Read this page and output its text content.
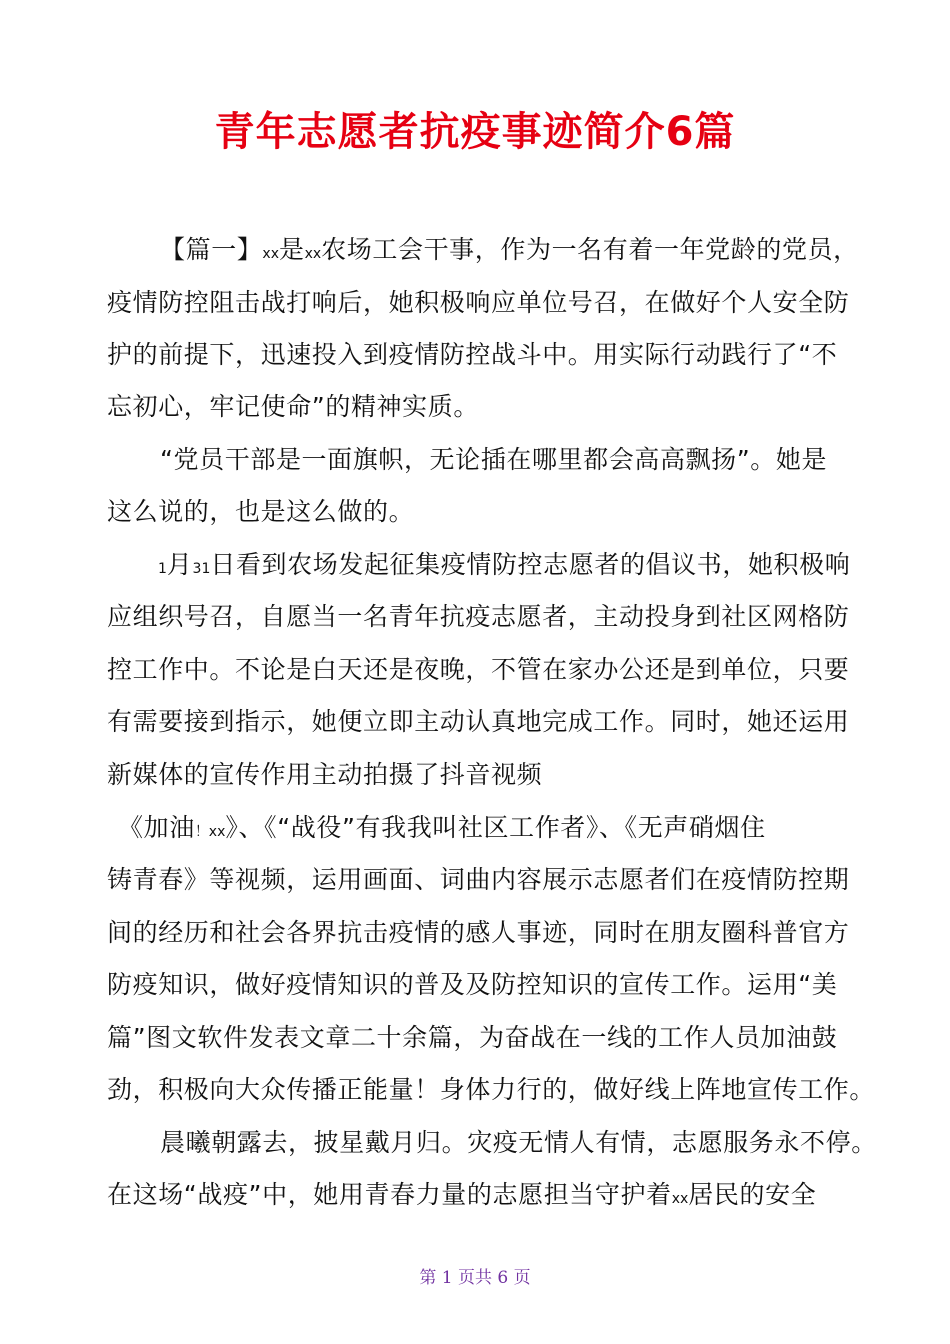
青年志愿者抗疫事迹简介6篇
【篇一】xx是xx农场工会干事，作为一名有着一年党龄的党员，
疫情防控阻击战打响后，她积极响应单位号召，在做好个人安全防
护的前提下，迅速投入到疫情防控战斗中。用实际行动践行了“不
忘初心，牢记使命”的精神实质。
“党员干部是一面旗帜，无论插在哪里都会高高飘扬”。她是
这么说的，也是这么做的。
1月31日看到农场发起征集疫情防控志愿者的倡议书，她积极响
应组织号召，自愿当一名青年抗疫志愿者，主动投身到社区网格防
控工作中。不论是白天还是夜晚，不管在家办公还是到单位，只要
有需要接到指示，她便立即主动认真地完成工作。同时，她还运用
新媒体的宣传作用主动拍摄了抖音视频
《加油！xx》、《“战役”有我我叫社区工作者》、《无声硝烟住
铸青春》等视频，运用画面、词曲内容展示志愿者们在疫情防控期
间的经历和社会各界抗击疫情的感人事迹，同时在朋友圈科普官方
防疫知识，做好疫情知识的普及及防控知识的宣传工作。运用“美
篇”图文软件发表文章二十余篇，为奋战在一线的工作人员加油鼓
劲，积极向大众传播正能量！身体力行的，做好线上阵地宣传工作。
晨曦朝露去，披星戴月归。灾疫无情人有情，志愿服务永不停。
在这场“战疫”中，她用青春力量的志愿担当守护着xx居民的安全
第 1 页共 6 页
